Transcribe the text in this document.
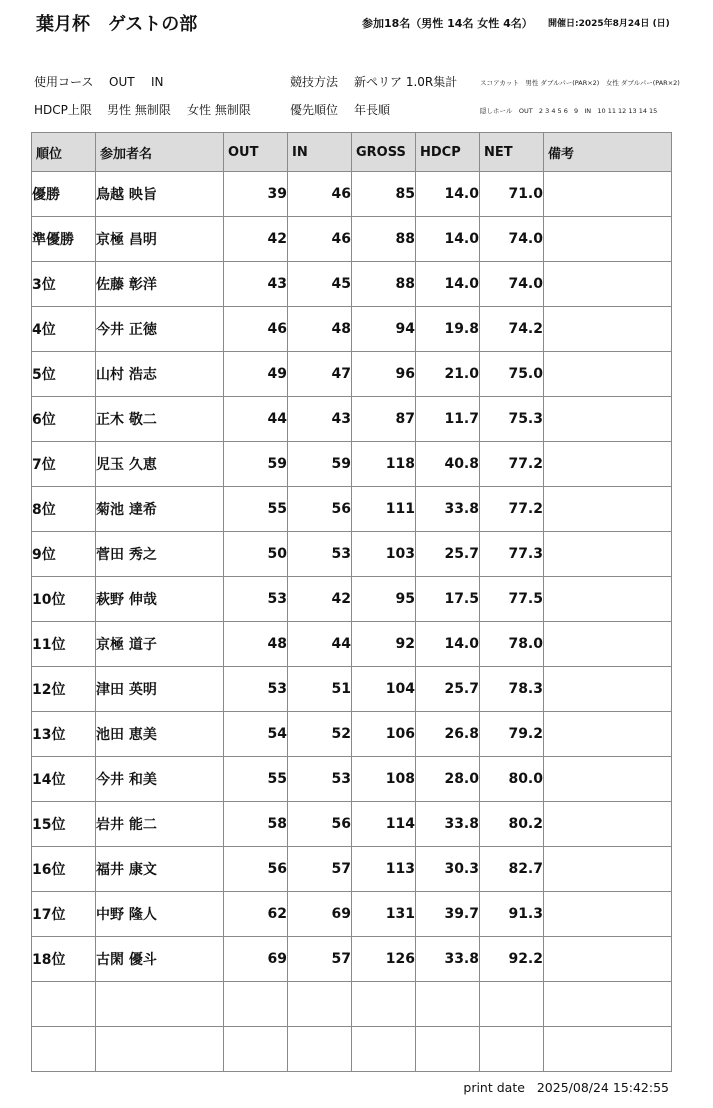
葉月杯　ゲストの部	参加18名（男性 14名 女性 4名） 開催日:2025年8月24日 (日)
使用コース OUT IN	競技方法 新ペリア 1.0R集計	スコアカット　男性 ダブルパー(PAR×2)　女性 ダブルパー(PAR×2)
HDCP上限 男性 無制限 女性 無制限	優先順位 年長順	隠しホール　OUT   2 3 4 5 6   9   IN   10 11 12 13 14 15
順位	参加者名	OUT	IN	GROSS	HDCP	NET	備考
優勝	鳥越 映旨	39	46	85	14.0	71.0	
準優勝	京極 昌明	42	46	88	14.0	74.0	
3位	佐藤 彰洋	43	45	88	14.0	74.0	
4位	今井 正徳	46	48	94	19.8	74.2	
5位	山村 浩志	49	47	96	21.0	75.0	
6位	正木 敬二	44	43	87	11.7	75.3	
7位	児玉 久恵	59	59	118	40.8	77.2	
8位	菊池 達希	55	56	111	33.8	77.2	
9位	菅田 秀之	50	53	103	25.7	77.3	
10位	萩野 伸哉	53	42	95	17.5	77.5	
11位	京極 道子	48	44	92	14.0	78.0	
12位	津田 英明	53	51	104	25.7	78.3	
13位	池田 恵美	54	52	106	26.8	79.2	
14位	今井 和美	55	53	108	28.0	80.0	
15位	岩井 能二	58	56	114	33.8	80.2	
16位	福井 康文	56	57	113	30.3	82.7	
17位	中野 隆人	62	69	131	39.7	91.3	
18位	古閑 優斗	69	57	126	33.8	92.2	

print date   2025/08/24 15:42:55
